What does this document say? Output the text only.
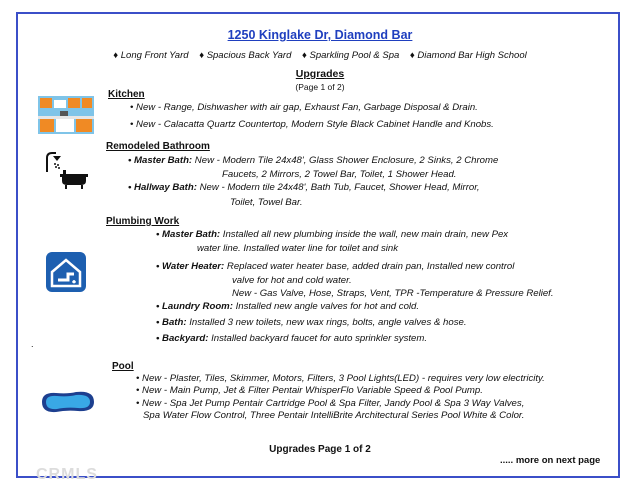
1250 Kinglake Dr, Diamond Bar
♦ Long Front Yard ♦ Spacious Back Yard ♦ Sparkling Pool & Spa ♦ Diamond Bar High School
Upgrades
(Page 1 of 2)
Kitchen
• New - Range, Dishwasher with air gap, Exhaust Fan, Garbage Disposal & Drain.
• New - Calacatta Quartz Countertop, Modern Style Black Cabinet Handle and Knobs.
Remodeled Bathroom
• Master Bath: New - Modern Tile 24x48', Glass Shower Enclosure, 2 Sinks, 2 Chrome
Faucets, 2 Mirrors, 2 Towel Bar, Toilet, 1 Shower Head.
• Hallway Bath: New - Modern tile 24x48', Bath Tub, Faucet, Shower Head, Mirror,
Toilet, Towel Bar.
Plumbing Work
• Master Bath: Installed all new plumbing inside the wall, new main drain, new Pex
water line. Installed water line for toilet and sink
• Water Heater: Replaced water heater base, added drain pan, Installed new control
valve for hot and cold water.
New - Gas Valve, Hose, Straps, Vent, TPR -Temperature & Pressure Relief.
• Laundry Room: Installed new angle valves for hot and cold.
• Bath: Installed 3 new toilets, new wax rings, bolts, angle valves & hose.
• Backyard: Installed backyard faucet for auto sprinkler system.
.
Pool
• New - Plaster, Tiles, Skimmer, Motors, Filters, 3 Pool Lights(LED) - requires very low electricity.
• New - Main Pump, Jet & Filter Pentair WhisperFlo Variable Speed & Pool Pump.
• New - Spa Jet Pump Pentair Cartridge Pool & Spa Filter, Jandy Pool & Spa 3 Way Valves,
Spa Water Flow Control, Three Pentair IntelliBrite Architectural Series Pool White & Color.
Upgrades Page 1 of 2
..... more on next page
CRMLS
